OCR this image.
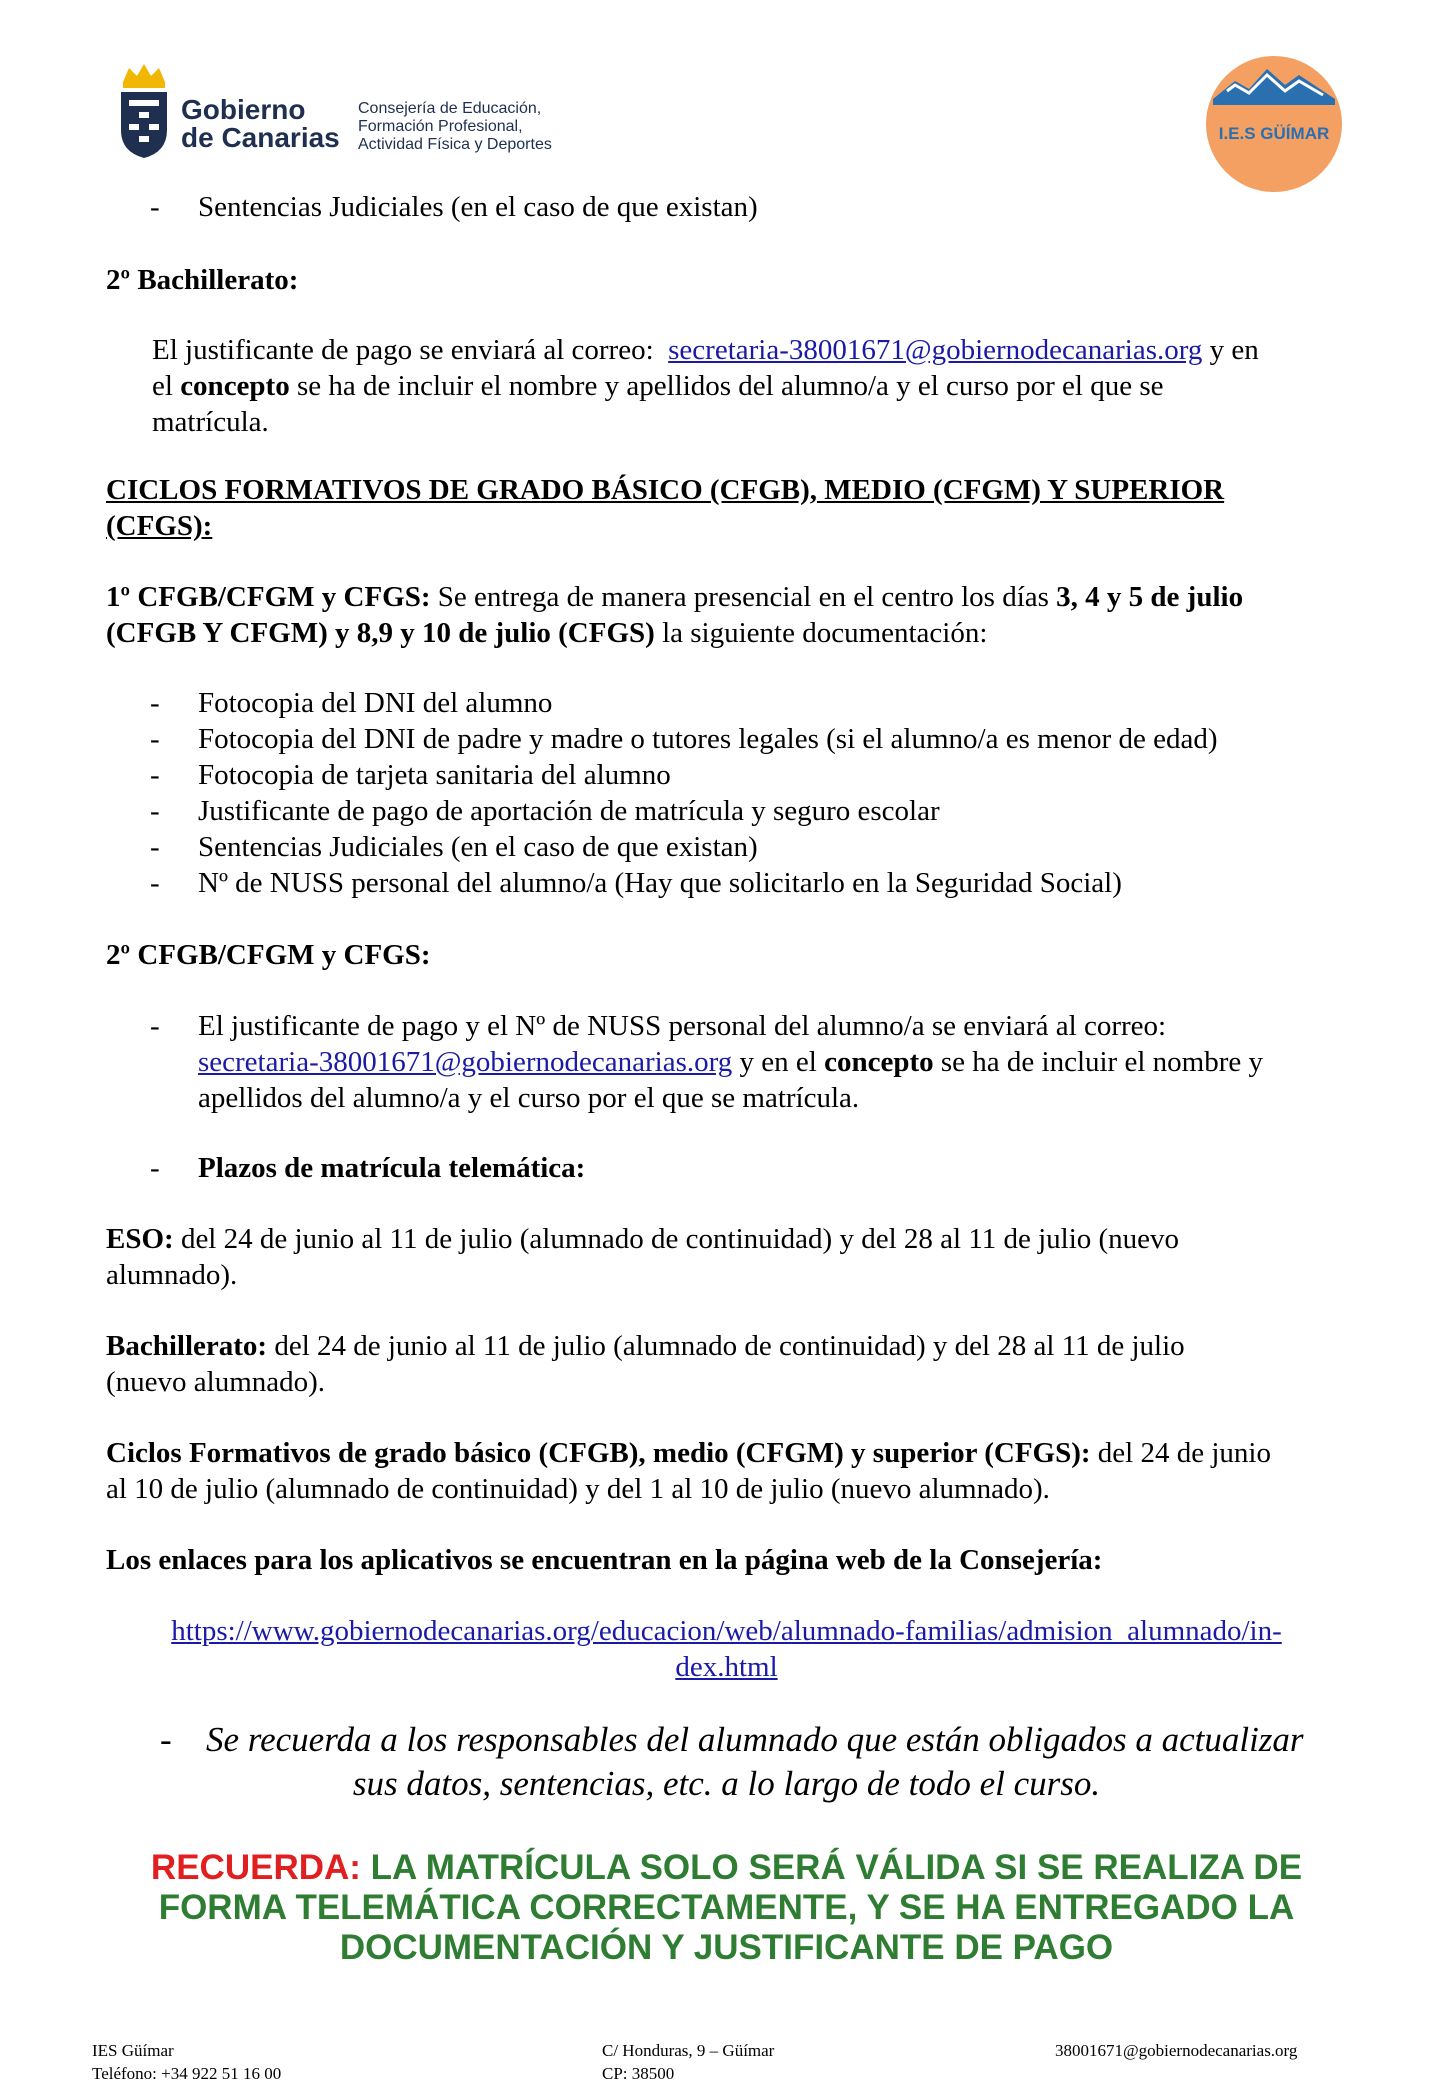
Gobierno
de Canarias
Consejería de Educación,
Formación Profesional,
Actividad Física y Deportes
I.E.S GÜÍMAR
- Sentencias Judiciales (en el caso de que existan)
2º Bachillerato:
El justificante de pago se enviará al correo: secretaria-38001671@gobiernodecanarias.org y en
el concepto se ha de incluir el nombre y apellidos del alumno/a y el curso por el que se
matrícula.
CICLOS FORMATIVOS DE GRADO BÁSICO (CFGB), MEDIO (CFGM) Y SUPERIOR
(CFGS):
1º CFGB/CFGM y CFGS: Se entrega de manera presencial en el centro los días 3, 4 y 5 de julio
(CFGB Y CFGM) y 8,9 y 10 de julio (CFGS) la siguiente documentación:
- Fotocopia del DNI del alumno
- Fotocopia del DNI de padre y madre o tutores legales (si el alumno/a es menor de edad)
- Fotocopia de tarjeta sanitaria del alumno
- Justificante de pago de aportación de matrícula y seguro escolar
- Sentencias Judiciales (en el caso de que existan)
- Nº de NUSS personal del alumno/a (Hay que solicitarlo en la Seguridad Social)
2º CFGB/CFGM y CFGS:
- El justificante de pago y el Nº de NUSS personal del alumno/a se enviará al correo:
secretaria-38001671@gobiernodecanarias.org y en el concepto se ha de incluir el nombre y
apellidos del alumno/a y el curso por el que se matrícula.
- Plazos de matrícula telemática:
ESO: del 24 de junio al 11 de julio (alumnado de continuidad) y del 28 al 11 de julio (nuevo
alumnado).
Bachillerato: del 24 de junio al 11 de julio (alumnado de continuidad) y del 28 al 11 de julio
(nuevo alumnado).
Ciclos Formativos de grado básico (CFGB), medio (CFGM) y superior (CFGS): del 24 de junio
al 10 de julio (alumnado de continuidad) y del 1 al 10 de julio (nuevo alumnado).
Los enlaces para los aplicativos se encuentran en la página web de la Consejería:
https://www.gobiernodecanarias.org/educacion/web/alumnado-familias/admision_alumnado/in-
dex.html
- Se recuerda a los responsables del alumnado que están obligados a actualizar
sus datos, sentencias, etc. a lo largo de todo el curso.
RECUERDA: LA MATRÍCULA SOLO SERÁ VÁLIDA SI SE REALIZA DE
FORMA TELEMÁTICA CORRECTAMENTE, Y SE HA ENTREGADO LA
DOCUMENTACIÓN Y JUSTIFICANTE DE PAGO
IES Güímar
Teléfono: +34 922 51 16 00
C/ Honduras, 9 – Güímar
CP: 38500
38001671@gobiernodecanarias.org
